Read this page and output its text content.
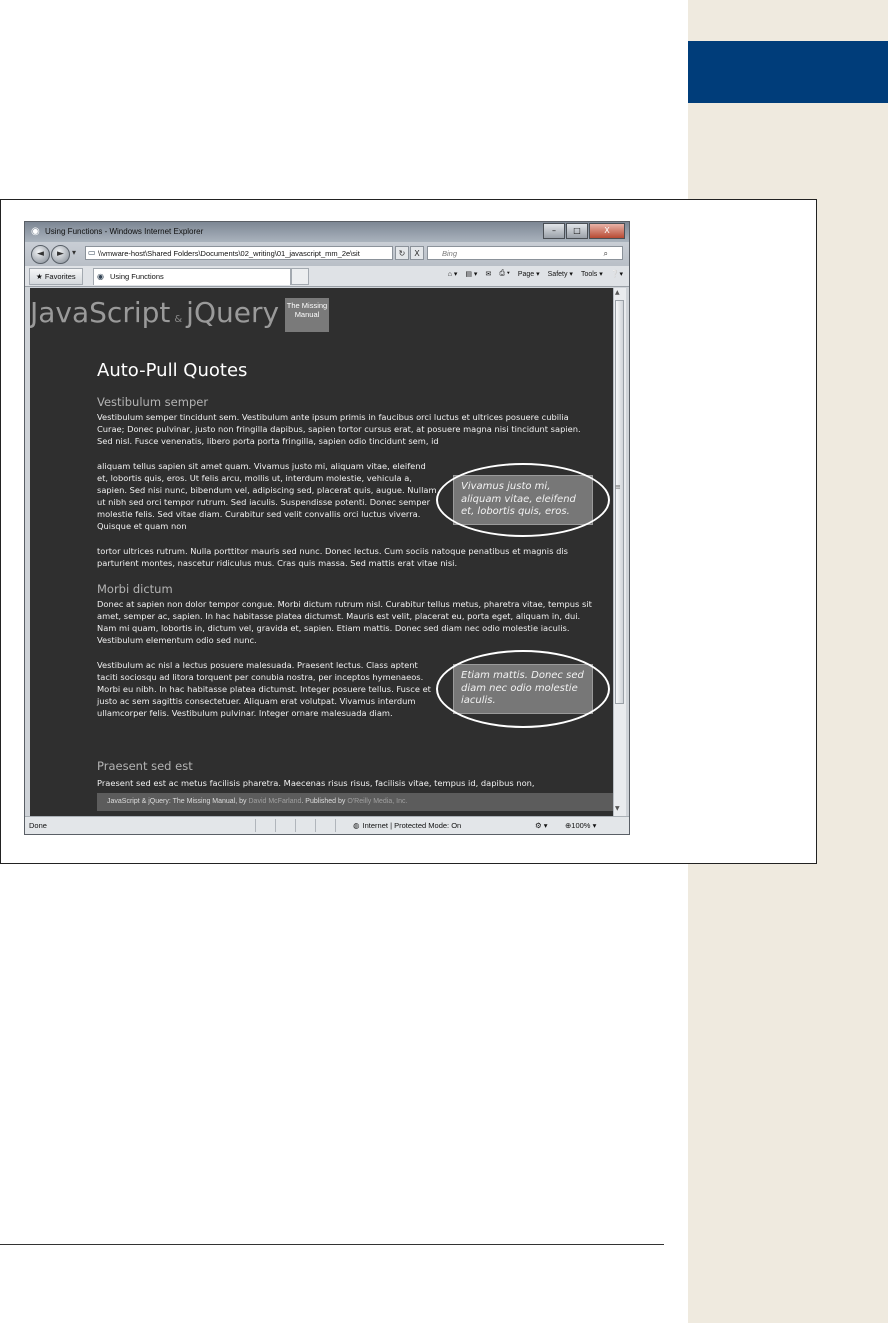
◉ Using Functions - Windows Internet Explorer	–	□	X
◄	►	▾	\\vmware-host\Shared Folders\Documents\02_writing\01_javascript_mm_2e\sit
▭	↻	X	Bing	⌕
★ Favorites	◉ Using Functions	⌂ ▾ ▤ ▾ ✉ ⎙ ▾ Page ▾ Safety ▾ Tools ▾ ❔▾
JavaScript & jQuery The Missing Manual
Auto-Pull Quotes
Vestibulum semper
Vestibulum semper tincidunt sem. Vestibulum ante ipsum primis in faucibus orci luctus et ultrices posuere cubilia Curae; Donec pulvinar, justo non fringilla dapibus, sapien tortor cursus erat, at posuere magna nisi tincidunt sapien. Sed nisl. Fusce venenatis, libero porta porta fringilla, sapien odio tincidunt sem, id
aliquam tellus sapien sit amet quam. Vivamus justo mi, aliquam vitae, eleifend et, lobortis quis, eros. Ut felis arcu, mollis ut, interdum molestie, vehicula a, sapien. Sed nisi nunc, bibendum vel, adipiscing sed, placerat quis, augue. Nullam ut nibh sed orci tempor rutrum. Sed iaculis. Suspendisse potenti. Donec semper molestie felis. Sed vitae diam. Curabitur sed velit convallis orci luctus viverra. Quisque et quam non
tortor ultrices rutrum. Nulla porttitor mauris sed nunc. Donec lectus. Cum sociis natoque penatibus et magnis dis parturient montes, nascetur ridiculus mus. Cras quis massa. Sed mattis erat vitae nisi.
Vivamus justo mi, aliquam vitae, eleifend et, lobortis quis, eros.
Morbi dictum
Donec at sapien non dolor tempor congue. Morbi dictum rutrum nisl. Curabitur tellus metus, pharetra vitae, tempus sit amet, semper ac, sapien. In hac habitasse platea dictumst. Mauris est velit, placerat eu, porta eget, aliquam in, dui. Nam mi quam, lobortis in, dictum vel, gravida et, sapien. Etiam mattis. Donec sed diam nec odio molestie iaculis. Vestibulum elementum odio sed nunc.
Vestibulum ac nisl a lectus posuere malesuada. Praesent lectus. Class aptent taciti sociosqu ad litora torquent per conubia nostra, per inceptos hymenaeos. Morbi eu nibh. In hac habitasse platea dictumst. Integer posuere tellus. Fusce et justo ac sem sagittis consectetuer. Aliquam erat volutpat. Vivamus interdum ullamcorper felis. Vestibulum pulvinar. Integer ornare malesuada diam.
Etiam mattis. Donec sed diam nec odio molestie iaculis.
Praesent sed est
Praesent sed est ac metus facilisis pharetra. Maecenas risus risus, facilisis vitae, tempus id, dapibus non,
JavaScript & jQuery: The Missing Manual, by David McFarland. Published by O'Reilly Media, Inc.
▲
≡
▼
Done	◍ Internet | Protected Mode: On	⚙ ▾ ⊕100% ▾
